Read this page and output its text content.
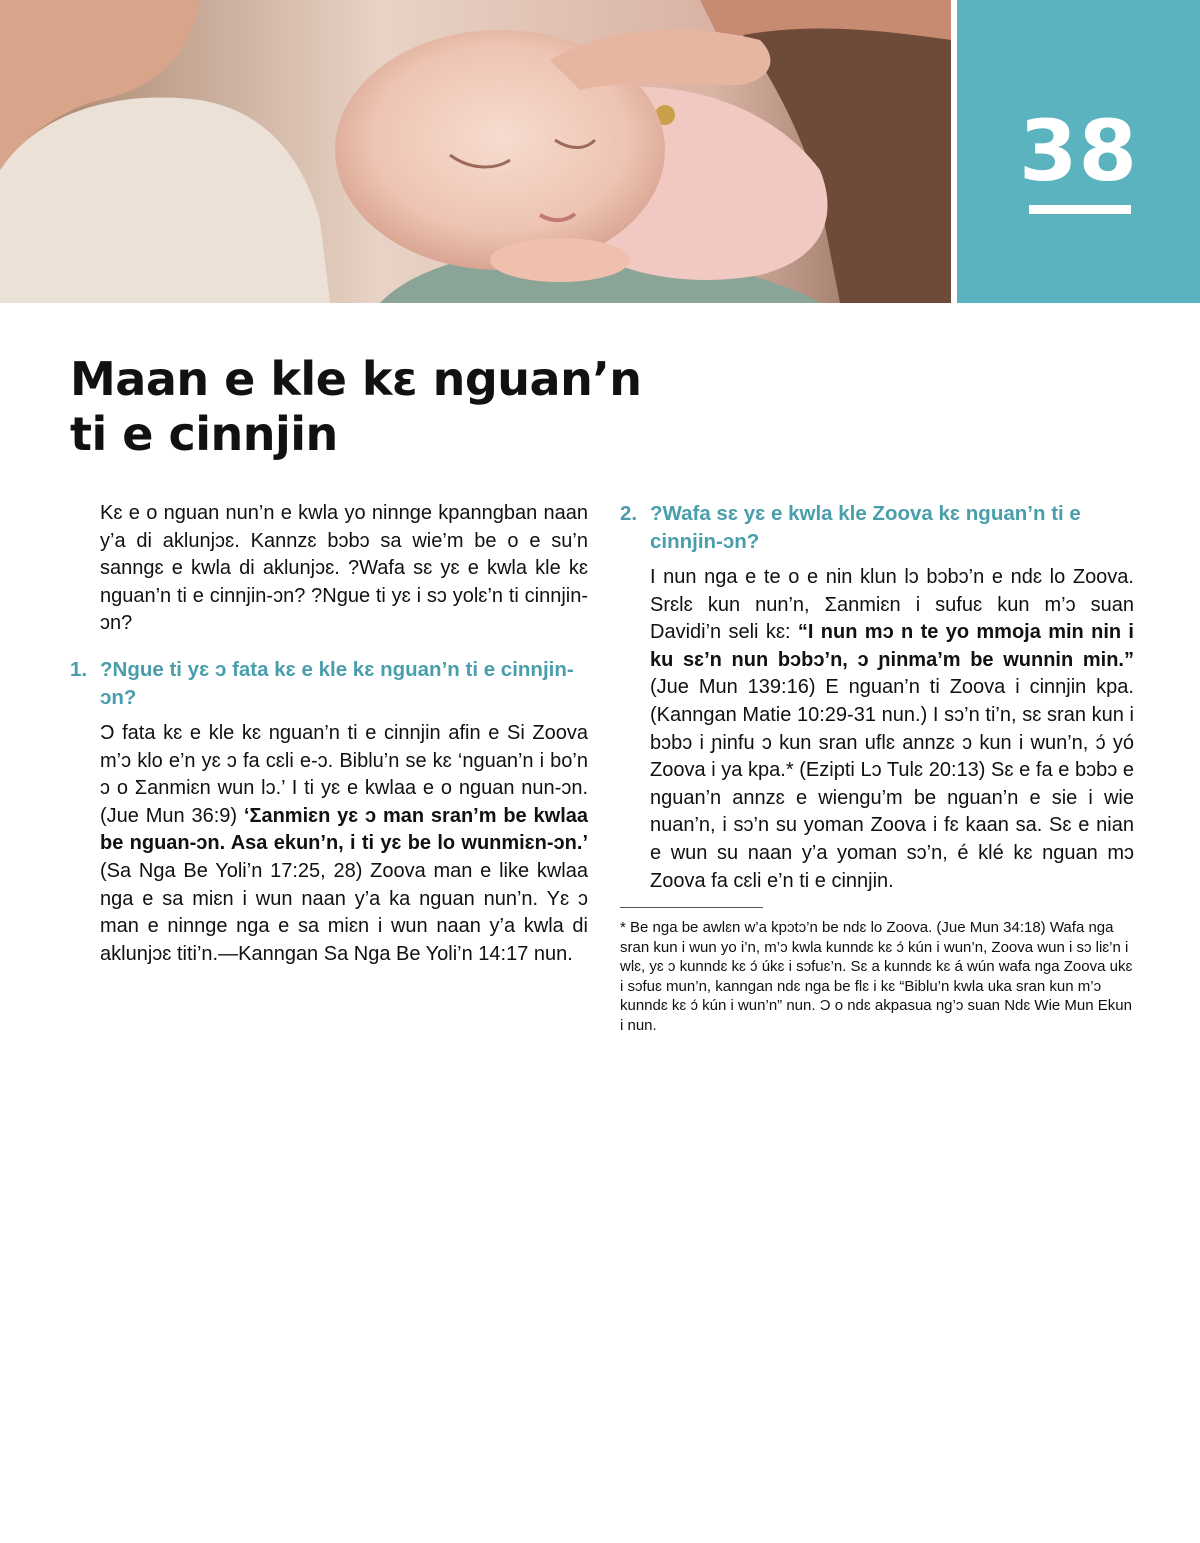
38
Maan e kle kɛ nguan’n ti e cinnjin

Kɛ e o nguan nun’n e kwla yo ninnge kpanngban naan y’a di aklunjɔɛ. Kannzɛ bɔbɔ sa wie’m be o e su’n sanngɛ e kwla di aklunjɔɛ. ?Wafa sɛ yɛ e kwla kle kɛ nguan’n ti e cinnjin-ɔn? ?Ngue ti yɛ i sɔ yolɛ’n ti cinnjin-ɔn?

1. ?Ngue ti yɛ ɔ fata kɛ e kle kɛ nguan’n ti e cinnjin-ɔn?

Ɔ fata kɛ e kle kɛ nguan’n ti e cinnjin afin e Si Zoova m’ɔ klo e’n yɛ ɔ fa cɛli e-ɔ. Biblu’n se kɛ ‘nguan’n i bo’n ɔ o Ʃanmiɛn wun lɔ.’ I ti yɛ e kwlaa e o nguan nun-ɔn. (Jue Mun 36:9) ‘Ʃanmiɛn yɛ ɔ man sran’m be kwlaa be nguan-ɔn. Asa ekun’n, i ti yɛ be lo wunmiɛn-ɔn.’ (Sa Nga Be Yoli’n 17:25, 28) Zoova man e like kwlaa nga e sa miɛn i wun naan y’a ka nguan nun’n. Yɛ ɔ man e ninnge nga e sa miɛn i wun naan y’a kwla di aklunjɔɛ titi’n.—Kanngan Sa Nga Be Yoli’n 14:17 nun.

2. ?Wafa sɛ yɛ e kwla kle Zoova kɛ nguan’n ti e cinnjin-ɔn?

I nun nga e te o e nin klun lɔ bɔbɔ’n e ndɛ lo Zoova. Srɛlɛ kun nun’n, Ʃanmiɛn i sufuɛ kun m’ɔ suan Davidi’n seli kɛ: “I nun mɔ n te yo mmoja min nin i ku sɛ’n nun bɔbɔ’n, ɔ ɲinma’m be wunnin min.” (Jue Mun 139:16) E nguan’n ti Zoova i cinnjin kpa. (Kanngan Matie 10:29-31 nun.) I sɔ’n ti’n, sɛ sran kun i bɔbɔ i ɲinfu ɔ kun sran uflɛ annzɛ ɔ kun i wun’n, ɔ́ yó Zoova i ya kpa.* (Ezipti Lɔ Tulɛ 20:13) Sɛ e fa e bɔbɔ e nguan’n annzɛ e wiengu’m be nguan’n e sie i wie nuan’n, i sɔ’n su yoman Zoova i fɛ kaan sa. Sɛ e nian e wun su naan y’a yoman sɔ’n, é klé kɛ nguan mɔ Zoova fa cɛli e’n ti e cinnjin.

* Be nga be awlɛn w’a kpɔtɔ’n be ndɛ lo Zoova. (Jue Mun 34:18) Wafa nga sran kun i wun yo i’n, m’ɔ kwla kunndɛ kɛ ɔ́ kún i wun’n, Zoova wun i sɔ liɛ’n i wlɛ, yɛ ɔ kunndɛ kɛ ɔ́ úkɛ i sɔfuɛ’n. Sɛ a kunndɛ kɛ á wún wafa nga Zoova ukɛ i sɔfuɛ mun’n, kanngan ndɛ nga be flɛ i kɛ “Biblu’n kwla uka sran kun m’ɔ kunndɛ kɛ ɔ́ kún i wun’n” nun. Ɔ o ndɛ akpasua ng’ɔ suan Ndɛ Wie Mun Ekun i nun.
